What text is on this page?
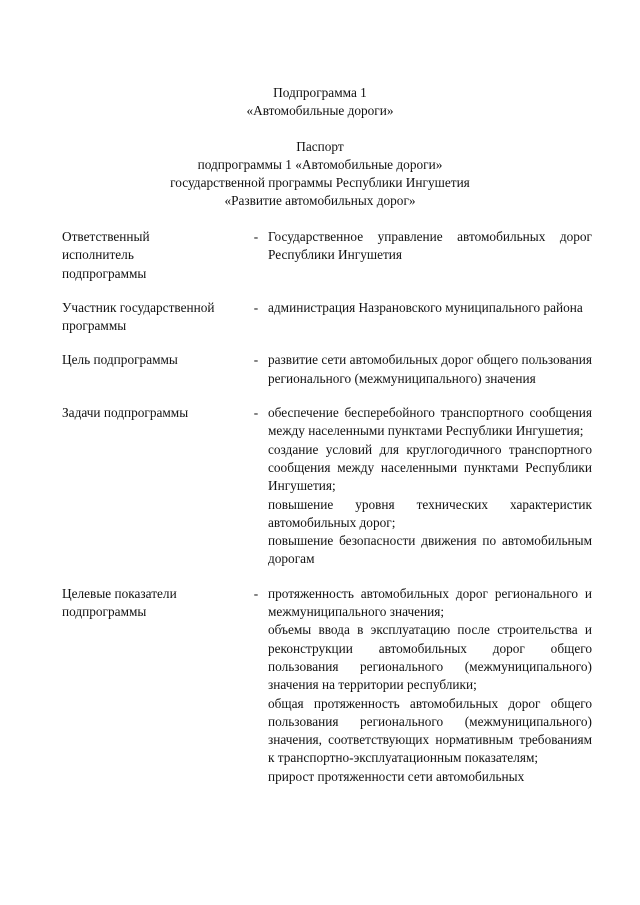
Подпрограмма 1
«Автомобильные дороги»
Паспорт
подпрограммы 1 «Автомобильные дороги»
государственной программы Республики Ингушетия
«Развитие автомобильных дорог»
Ответственный
исполнитель
подпрограммы
- Государственное управление автомобильных дорог Республики Ингушетия
Участник государственной
программы
- администрация Назрановского муниципального района
Цель подпрограммы	- развитие сети автомобильных дорог общего пользования регионального (межмуниципального) значения
Задачи подпрограммы	- обеспечение бесперебойного транспортного сообщения между населенными пунктами Республики Ингушетия;
создание условий для круглогодичного транспортного сообщения между населенными пунктами Республики Ингушетия;
повышение уровня технических характеристик автомобильных дорог;
повышение безопасности движения по автомобильным дорогам
Целевые показатели
подпрограммы
- протяженность автомобильных дорог регионального и межмуниципального значения;
объемы ввода в эксплуатацию после строительства и реконструкции автомобильных дорог общего пользования регионального (межмуниципального) значения на территории республики;
общая протяженность автомобильных дорог общего пользования регионального (межмуниципального) значения, соответствующих нормативным требованиям к транспортно-эксплуатационным показателям;
прирост протяженности сети автомобильных
